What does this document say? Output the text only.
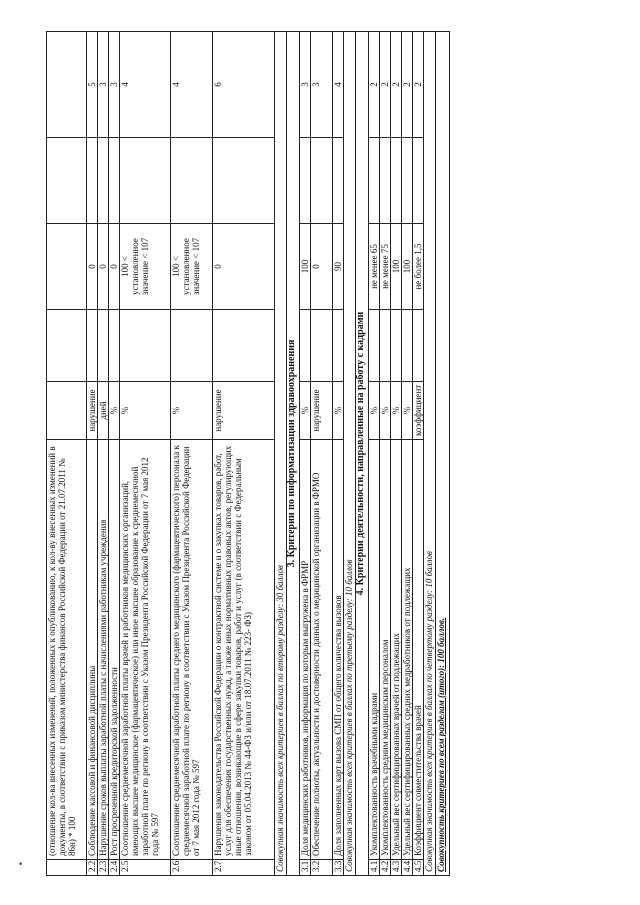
	(отношение кол-ва внесенных изменений, положенных к опубликованию, к кол-ву внесенных изменений в документы, в соответствии с приказом министерства финансов Российской Федерации от 21.07.2011 № 86н) * 100					
2.2	Соблюдение кассовой и финансовой дисциплины	нарушение		0		5
2.3	Нарушение сроков выплаты заработной платы с начислениями работникам учреждения	дней		0		3
2.4	Рост просроченной кредиторской задолженности	%		0		3
2.5	Соотношение среднемесячной заработной платы врачей и работников медицинских организаций, имеющих высшее медицинское (фармацевтическое) или иное высшее образование к среднемесячной заработной плате по региону в соответствии с Указом Президента Российской Федерации от 7 мая 2012 года № 597	%		100 < установленное значение < 107		4
2.6	Соотношение среднемесячной заработной платы среднего медицинского (фармацевтического) персонала к среднемесячной заработной плате по региону в соответствии с Указом Президента Российской Федерации от 7 мая 2012 года № 597	%		100 < установленное значение < 107		4
2.7	Нарушения законодательства Российской Федерации о контрактной системе и о закупках товаров, работ, услуг для обеспечения государственных нужд, а также иных нормативных правовых актов, регулирующих иные отношения, возникающие в сфере закупки товаров, работ и услуг (в соответствии с Федеральным законом от 05.04.2013 № 44-ФЗ и/или от 18.07.2011 № 223- ФЗ)	нарушение		0		6
Совокупная значимость всех критериев в баллах по второму разделу: 30 баллов						
3. Критерии по информатизации здравоохранения						
3.1	Доля медицинских работников, информация по которым выгружена в ФРМР	%		100		3
3.2	Обеспечение полноты, актуальности и достоверности данных о медицинской организации в ФРМО	нарушение		0		3
3.3	Доля заполненных карт вызова СМП от общего количества вызовов	%		90		4
Совокупная значимость всех критериев в баллах по третьему разделу: 10 баллов						
4. Критерии деятельности, направленные на работу с кадрами						
4.1	Укомплектованность врачебными кадрами	%		не менее 65		2
4.2	Укомплектованность средним медицинским персоналом	%		не менее 75		2
4.3	Удельный вес сертифицированных врачей от подлежащих	%		100		2
4.4	Удельный вес сертифицированных средних медработников от подлежащих	%		100		2
4.5	Коэффициент совместительства врачей	коэффициент		не более 1,5		2
Совокупная значимость всех критериев в баллах по четвертому разделу: 10 баллов						
Совокупность критериев по всем разделам (итого): 100 баллов.						
•
